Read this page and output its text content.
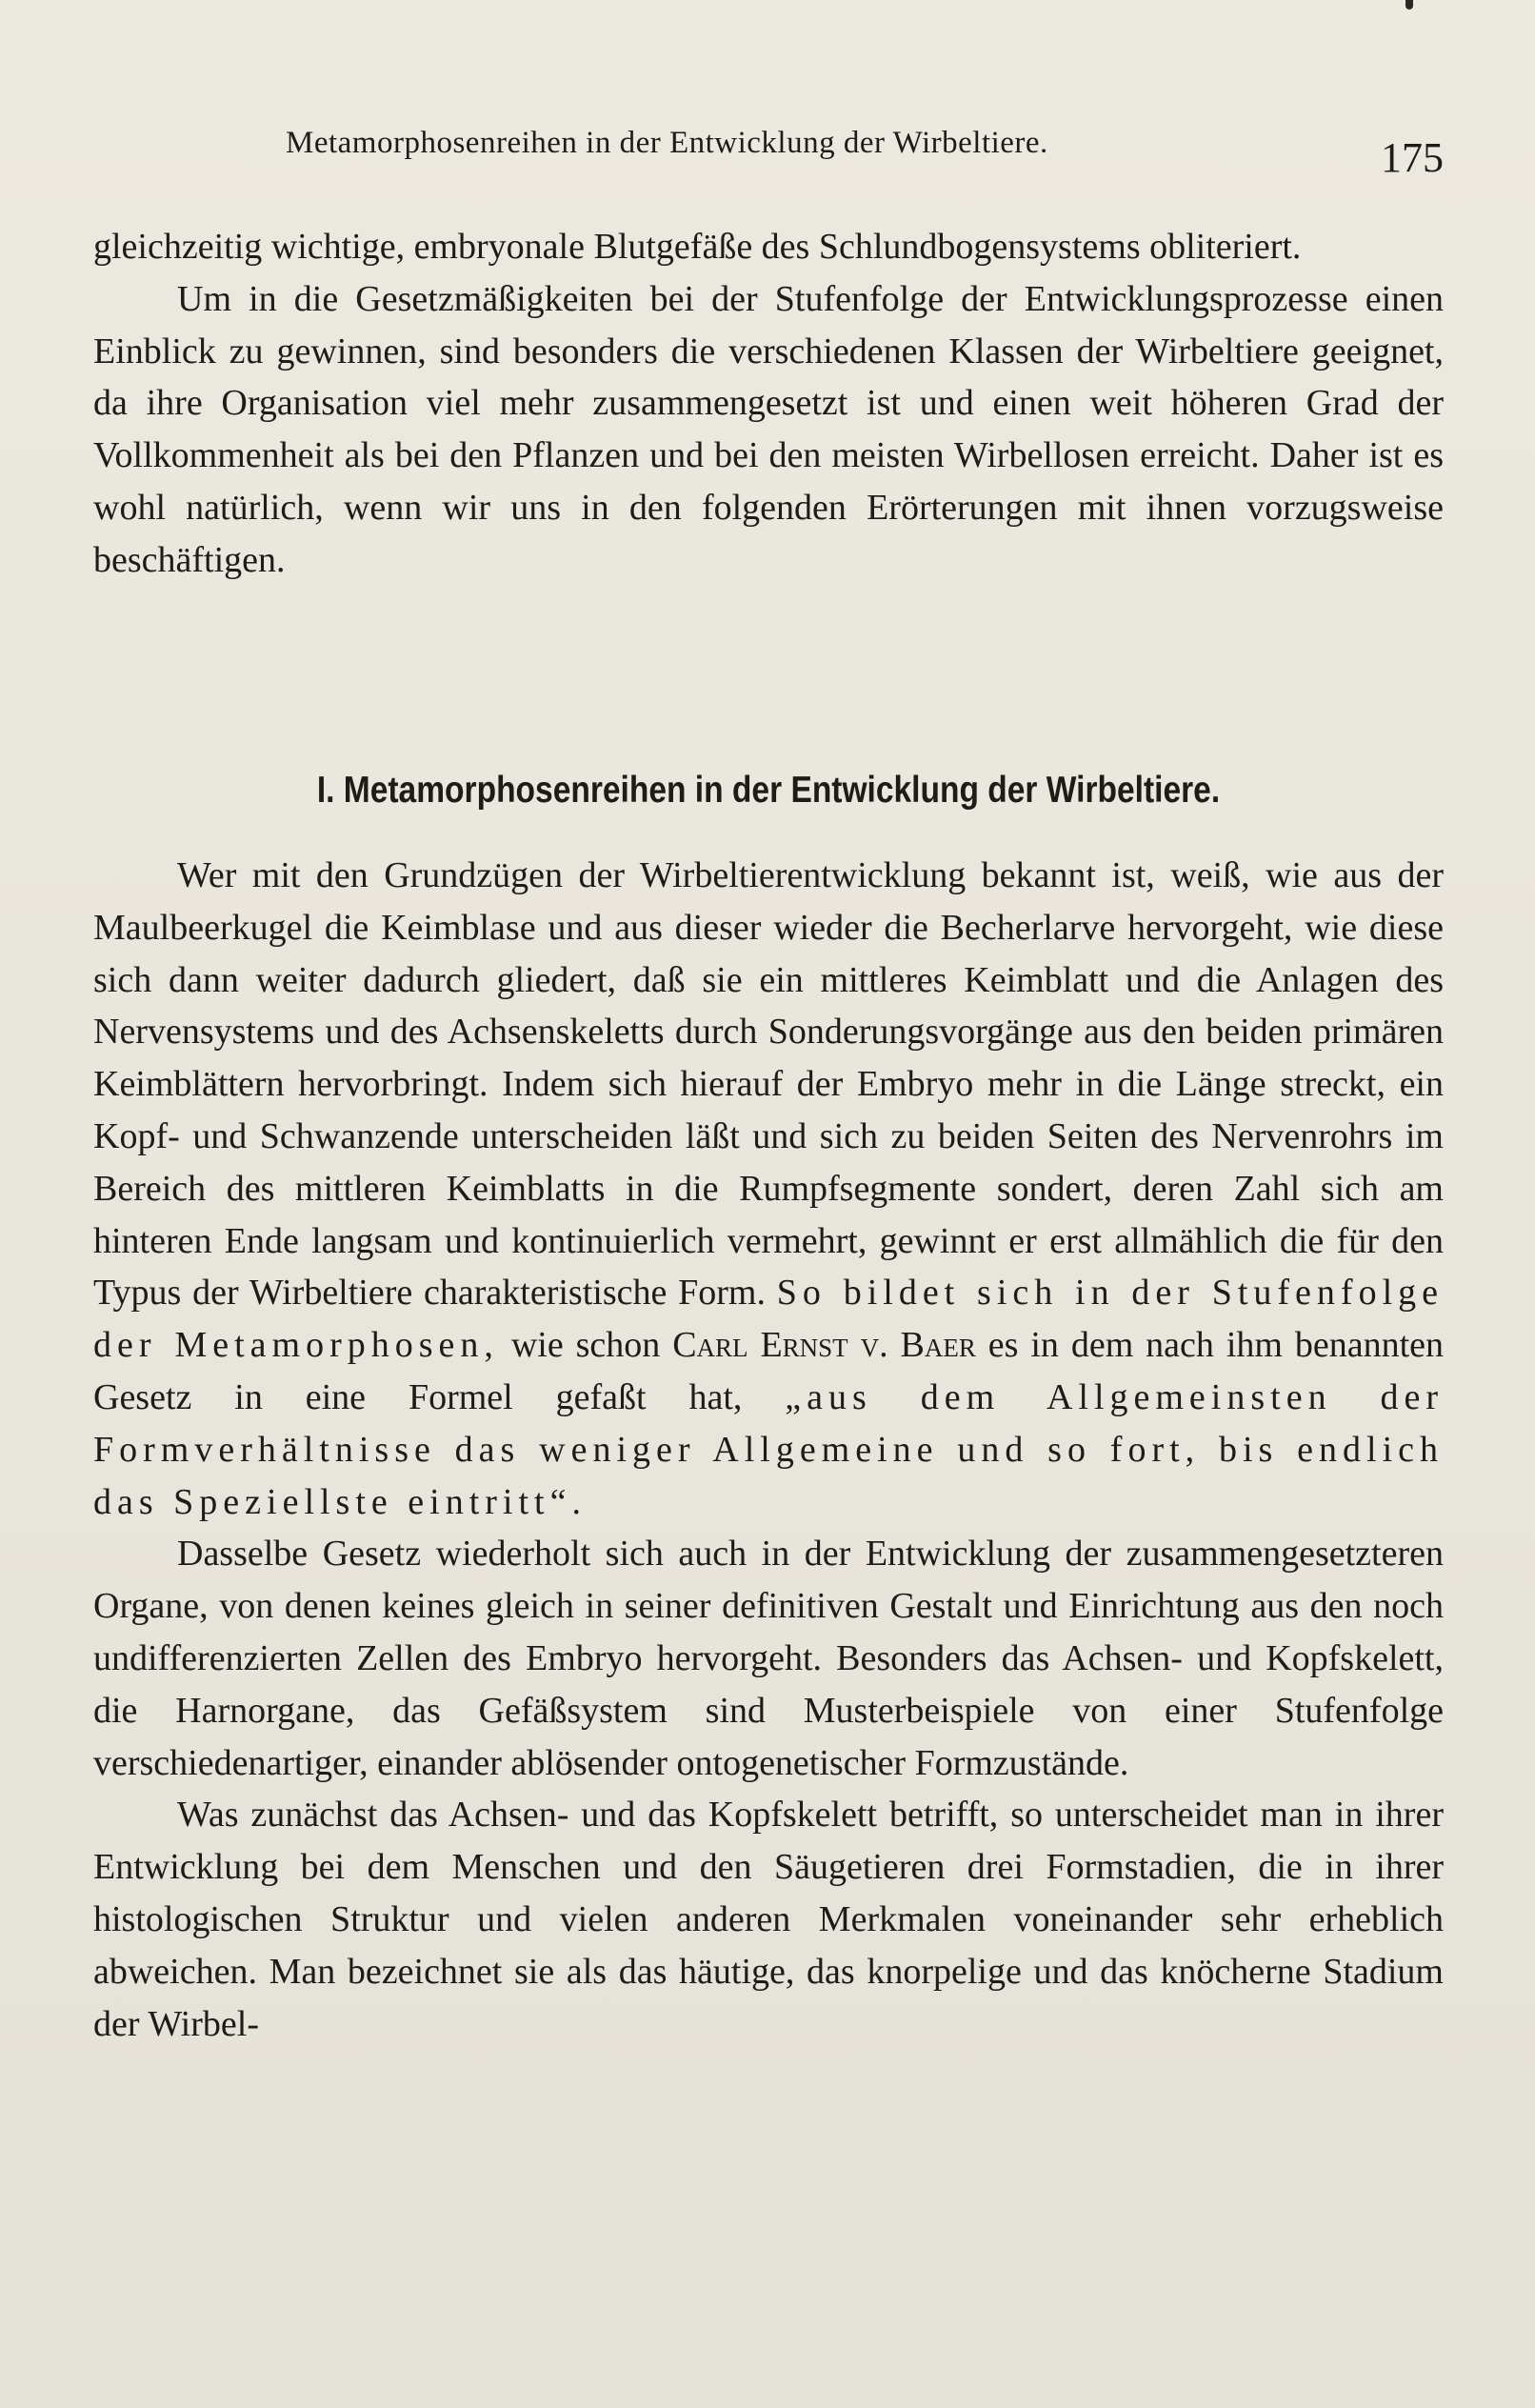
Metamorphosenreihen in der Entwicklung der Wirbeltiere.	175

gleichzeitig wichtige, embryonale Blutgefäße des Schlundbogensystems obliteriert.

Um in die Gesetzmäßigkeiten bei der Stufenfolge der Entwicklungsprozesse einen Einblick zu gewinnen, sind besonders die verschiedenen Klassen der Wirbeltiere geeignet, da ihre Organisation viel mehr zusammengesetzt ist und einen weit höheren Grad der Vollkommenheit als bei den Pflanzen und bei den meisten Wirbellosen erreicht. Daher ist es wohl natürlich, wenn wir uns in den folgenden Erörterungen mit ihnen vorzugsweise beschäftigen.

I. Metamorphosenreihen in der Entwicklung der Wirbeltiere.

Wer mit den Grundzügen der Wirbeltierentwicklung bekannt ist, weiß, wie aus der Maulbeerkugel die Keimblase und aus dieser wieder die Becherlarve hervorgeht, wie diese sich dann weiter dadurch gliedert, daß sie ein mittleres Keimblatt und die Anlagen des Nervensystems und des Achsenskeletts durch Sonderungsvorgänge aus den beiden primären Keimblättern hervorbringt. Indem sich hierauf der Embryo mehr in die Länge streckt, ein Kopf- und Schwanzende unterscheiden läßt und sich zu beiden Seiten des Nervenrohrs im Bereich des mittleren Keimblatts in die Rumpfsegmente sondert, deren Zahl sich am hinteren Ende langsam und kontinuierlich vermehrt, gewinnt er erst allmählich die für den Typus der Wirbeltiere charakteristische Form. So bildet sich in der Stufenfolge der Metamorphosen, wie schon Carl Ernst v. Baer es in dem nach ihm benannten Gesetz in eine Formel gefaßt hat, „aus dem Allgemeinsten der Formverhältnisse das weniger Allgemeine und so fort, bis endlich das Speziellste eintritt“.

Dasselbe Gesetz wiederholt sich auch in der Entwicklung der zusammengesetzteren Organe, von denen keines gleich in seiner definitiven Gestalt und Einrichtung aus den noch undifferenzierten Zellen des Embryo hervorgeht. Besonders das Achsen- und Kopfskelett, die Harnorgane, das Gefäßsystem sind Musterbeispiele von einer Stufenfolge verschiedenartiger, einander ablösender ontogenetischer Formzustände.

Was zunächst das Achsen- und das Kopfskelett betrifft, so unterscheidet man in ihrer Entwicklung bei dem Menschen und den Säugetieren drei Formstadien, die in ihrer histologischen Struktur und vielen anderen Merkmalen voneinander sehr erheblich abweichen. Man bezeichnet sie als das häutige, das knorpelige und das knöcherne Stadium der Wirbel-
